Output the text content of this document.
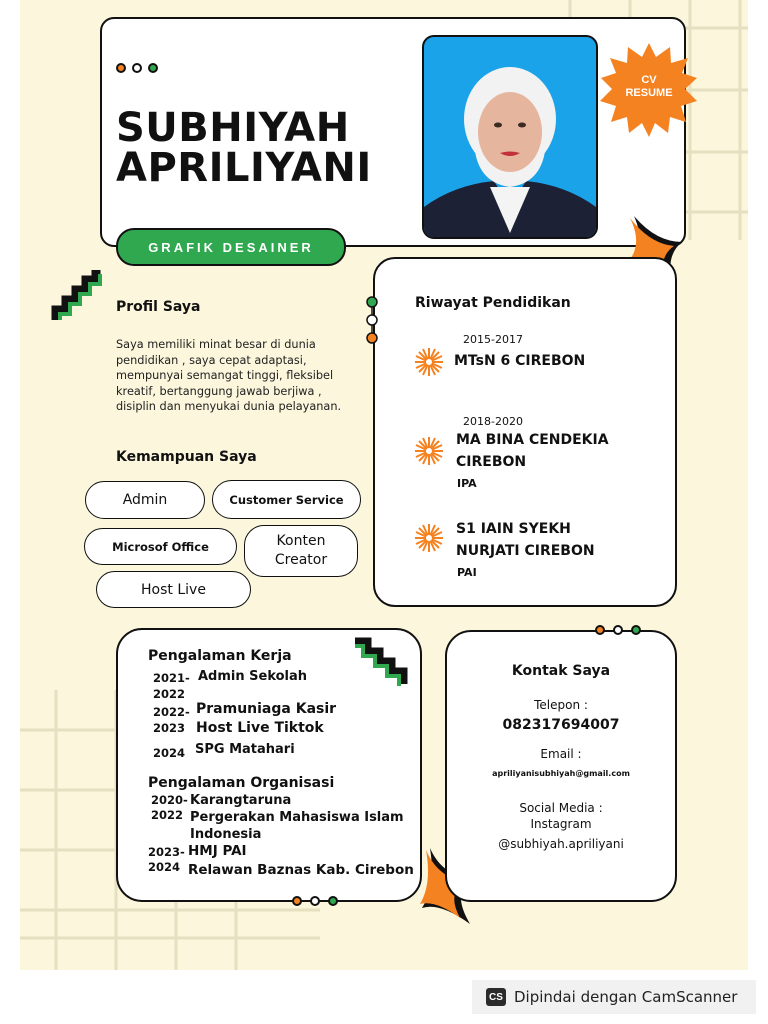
SUBHIYAH
APRILIYANI
CV
RESUME
GRAFIK DESAINER
Profil Saya

Saya memiliki minat besar di dunia pendidikan , saya cepat adaptasi, mempunyai semangat tinggi, fleksibel kreatif, bertanggung jawab berjiwa , disiplin dan menyukai dunia pelayanan.

Kemampuan Saya
Admin	Customer Service
Microsof Office	Konten Creator
Host Live
Riwayat Pendidikan
2015-2017
MTsN 6 CIREBON
2018-2020
MA BINA CENDEKIA
CIREBON
IPA
S1 IAIN SYEKH
NURJATI CIREBON
PAI
Pengalaman Kerja
2021-
2022
Admin Sekolah
2022-
2023
Pramuniaga Kasir
Host Live Tiktok
2024 SPG Matahari
Pengalaman Organisasi
2020-
2022
Karangtaruna
Pergerakan Mahasiswa Islam
Indonesia
2023-
2024
HMJ PAI
Relawan Baznas Kab. Cirebon
Kontak Saya
Telepon :
082317694007
Email :
apriliyanisubhiyah@gmail.com
Social Media :
Instagram
@subhiyah.apriliyani
CS Dipindai dengan CamScanner
